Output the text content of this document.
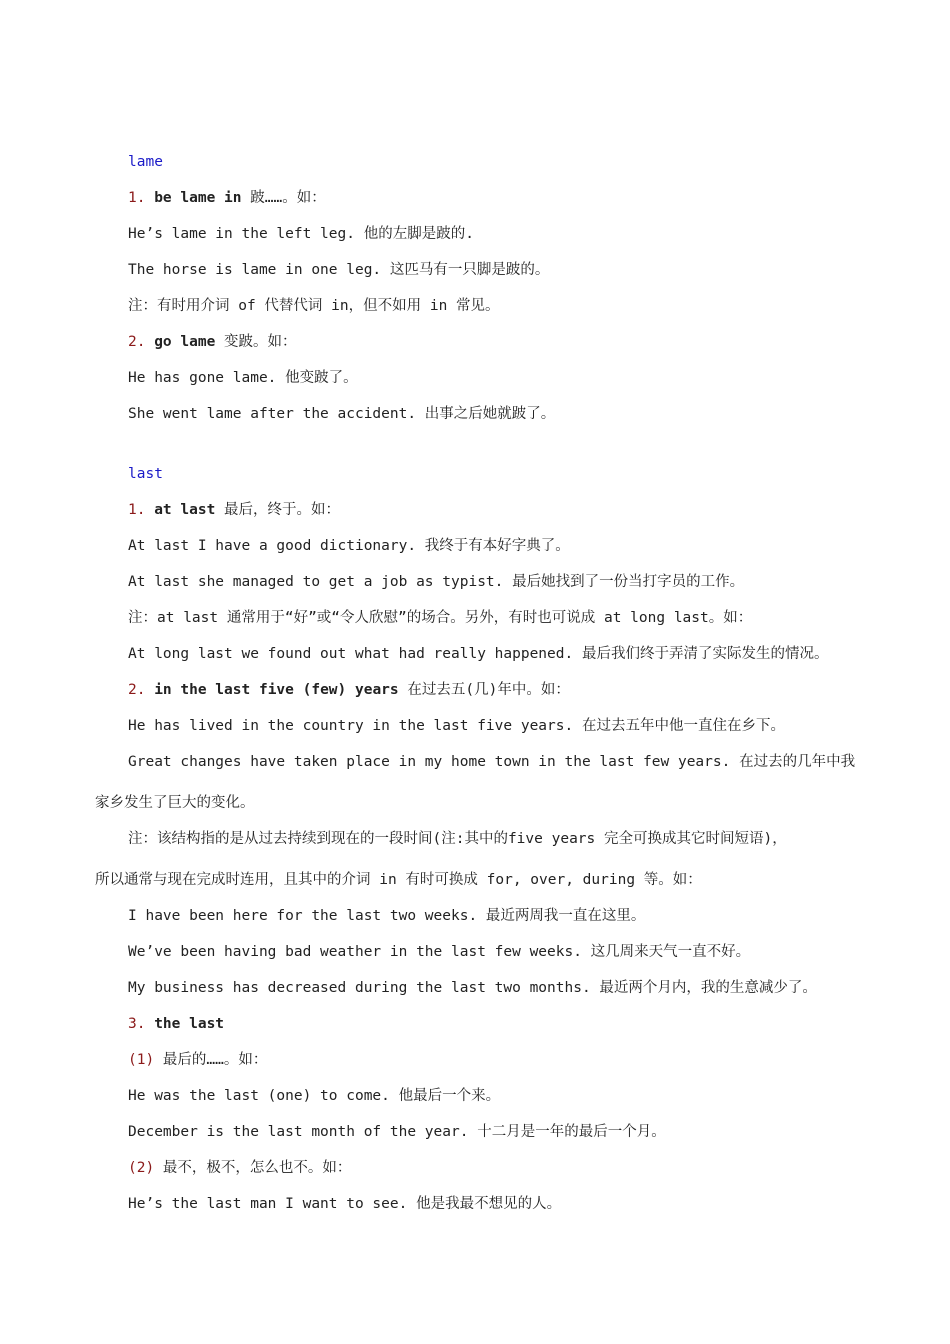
lame
1. be lame in 跛……。如：
He’s lame in the left leg. 他的左脚是跛的.
The horse is lame in one leg. 这匹马有一只脚是跛的。
注：有时用介词 of 代替代词 in，但不如用 in 常见。
2. go lame 变跛。如：
He has gone lame. 他变跛了。
She went lame after the accident. 出事之后她就跛了。
last
1. at last 最后，终于。如：
At last I have a good dictionary. 我终于有本好字典了。
At last she managed to get a job as typist. 最后她找到了一份当打字员的工作。
注：at last 通常用于“好”或“令人欣慰”的场合。另外，有时也可说成 at long last。如：
At long last we found out what had really happened. 最后我们终于弄清了实际发生的情况。
2. in the last five (few) years 在过去五(几)年中。如：
He has lived in the country in the last five years. 在过去五年中他一直住在乡下。
Great changes have taken place in my home town in the last few years. 在过去的几年中我
家乡发生了巨大的变化。
注：该结构指的是从过去持续到现在的一段时间(注:其中的five years 完全可换成其它时间短语)，
所以通常与现在完成时连用，且其中的介词 in 有时可换成 for, over, during 等。如：
I have been here for the last two weeks. 最近两周我一直在这里。
We’ve been having bad weather in the last few weeks. 这几周来天气一直不好。
My business has decreased during the last two months. 最近两个月内，我的生意减少了。
3. the last
(1) 最后的……。如：
He was the last (one) to come. 他最后一个来。
December is the last month of the year. 十二月是一年的最后一个月。
(2) 最不，极不，怎么也不。如：
He’s the last man I want to see. 他是我最不想见的人。
